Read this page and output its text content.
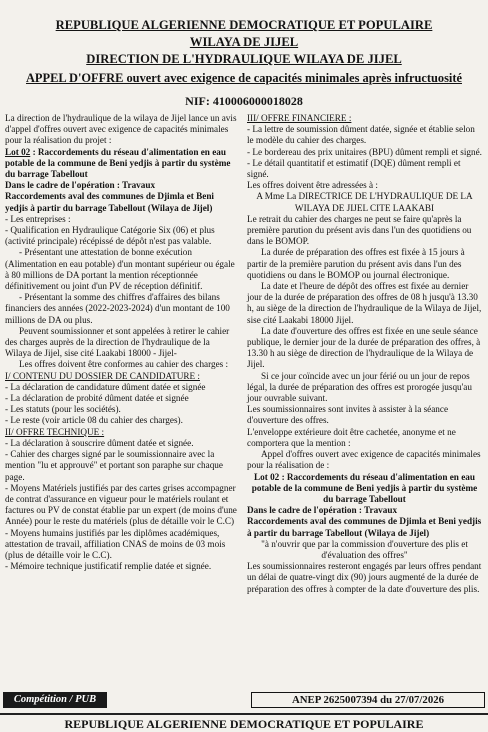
REPUBLIQUE ALGERIENNE DEMOCRATIQUE ET POPULAIRE
WILAYA DE JIJEL
DIRECTION DE L'HYDRAULIQUE WILAYA DE JIJEL
APPEL D'OFFRE ouvert avec exigence de capacités minimales après infructuosité
NIF: 410006000018028

La direction de l'hydraulique de la wilaya de Jijel lance un avis d'appel d'offres ouvert avec exigence de capacités minimales pour la réalisation du projet :

Lot 02 : Raccordements du réseau d'alimentation en eau potable de la commune de Beni yedjis à partir du système du barrage Tabellout

Dans le cadre de l'opération : Travaux

Raccordements aval des communes de Djimla et Beni yedjis à partir du barrage Tabellout (Wilaya de Jijel)

- Les entreprises :

- Qualification en Hydraulique Catégorie Six (06) et plus (activité principale) récépissé de dépôt n'est pas valable.

- Présentant une attestation de bonne exécution (Alimentation en eau potable) d'un montant supérieur ou égale à 80 millions de DA portant la mention réceptionnée définitivement ou joint d'un PV de réception définitif.

- Présentant la somme des chiffres d'affaires des bilans financiers des années (2022-2023-2024) d'un montant de 100 millions de DA ou plus.

Peuvent soumissionner et sont appelées à retirer le cahier des charges auprès de la direction de l'hydraulique de la Wilaya de Jijel, sise cité Laakabi 18000 - Jijel-

Les offres doivent être conformes au cahier des charges :

I/ CONTENU DU DOSSIER DE CANDIDATURE :

- La déclaration de candidature dûment datée et signée

- La déclaration de probité dûment datée et signée

- Les statuts (pour les sociétés).

- Le reste (voir article 08 du cahier des charges).

II/ OFFRE TECHNIQUE :

- La déclaration à souscrire dûment datée et signée.

- Cahier des charges signé par le soumissionnaire avec la mention "lu et approuvé" et portant son paraphe sur chaque page.

- Moyens Matériels justifiés par des cartes grises accompagner de contrat d'assurance en vigueur pour le matériels roulant et factures ou PV de constat établie par un expert (de moins d'une Année) pour le reste du matériels (plus de détaille voir le C.C)

- Moyens humains justifiés par les diplômes académiques, attestation de travail, affiliation CNAS de moins de 03 mois (plus de détaille voir le C.C).

- Mémoire technique justificatif remplie datée et signée.

III/ OFFRE FINANCIERE :

- La lettre de soumission dûment datée, signée et établie selon le modèle du cahier des charges.

- Le bordereau des prix unitaires (BPU) dûment rempli et signé.

- Le détail quantitatif et estimatif (DQE) dûment rempli et signé.

Les offres doivent être adressées à :

A Mme La DIRECTRICE DE L'HYDRAULIQUE DE LA WILAYA DE JIJEL CITE LAAKABI

Le retrait du cahier des charges ne peut se faire qu'après la première parution du présent avis dans l'un des quotidiens ou dans le BOMOP.

La durée de préparation des offres est fixée à 15 jours à partir de la première parution du présent avis dans l'un des quotidiens ou dans le BOMOP ou journal électronique.

La date et l'heure de dépôt des offres est fixée au dernier jour de la durée de préparation des offres de 08 h jusqu'à 13.30 h, au siège de la direction de l'hydraulique de la Wilaya de Jijel, sise cité Laakabi 18000 Jijel.

La date d'ouverture des offres est fixée en une seule séance publique, le dernier jour de la durée de préparation des offres, à 13.30 h au siège de direction de l'hydraulique de la Wilaya de Jijel.

Si ce jour coïncide avec un jour férié ou un jour de repos légal, la durée de préparation des offres est prorogée jusqu'au jour ouvrable suivant.

Les soumissionnaires sont invites à assister à la séance d'ouverture des offres.

L'enveloppe extérieure doit être cachetée, anonyme et ne comportera que la mention :

Appel d'offres ouvert avec exigence de capacités minimales pour la réalisation de :

Lot 02 : Raccordements du réseau d'alimentation en eau potable de la commune de Beni yedjis à partir du système du barrage Tabellout

Dans le cadre de l'opération : Travaux

Raccordements aval des communes de Djimla et Beni yedjis à partir du barrage Tabellout (Wilaya de Jijel)

"à n'ouvrir que par la commission d'ouverture des plis et d'évaluation des offres"

Les soumissionnaires resteront engagés par leurs offres pendant un délai de quatre-vingt dix (90) jours augmenté de la durée de préparation des offres à compter de la date d'ouverture des plis.

Compétition / PUB	ANEP 2625007394 du 27/07/2026
REPUBLIQUE ALGERIENNE DEMOCRATIQUE ET POPULAIRE
